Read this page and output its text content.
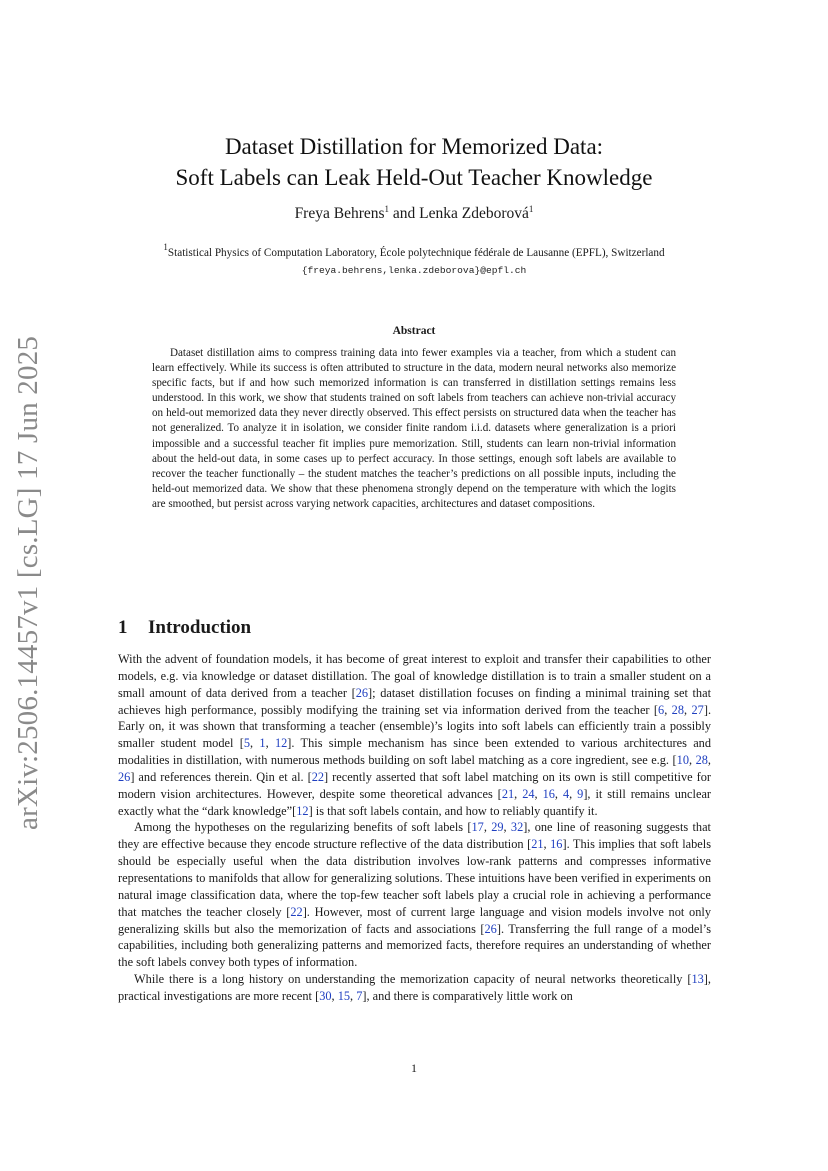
arXiv:2506.14457v1 [cs.LG] 17 Jun 2025
Dataset Distillation for Memorized Data:
Soft Labels can Leak Held-Out Teacher Knowledge
Freya Behrens$^1$ and Lenka Zdeborová$^1$
$^1$Statistical Physics of Computation Laboratory, École polytechnique fédérale de Lausanne (EPFL), Switzerland
{freya.behrens,lenka.zdeborova}@epfl.ch
Abstract
Dataset distillation aims to compress training data into fewer examples via a teacher, from which a student can learn effectively. While its success is often attributed to structure in the data, modern neural networks also memorize specific facts, but if and how such memorized information is can transferred in distillation settings remains less understood. In this work, we show that students trained on soft labels from teachers can achieve non-trivial accuracy on held-out memorized data they never directly observed. This effect persists on structured data when the teacher has not generalized. To analyze it in isolation, we consider finite random i.i.d. datasets where generalization is a priori impossible and a successful teacher fit implies pure memorization. Still, students can learn non-trivial information about the held-out data, in some cases up to perfect accuracy. In those settings, enough soft labels are available to recover the teacher functionally – the student matches the teacher’s predictions on all possible inputs, including the held-out memorized data. We show that these phenomena strongly depend on the temperature with which the logits are smoothed, but persist across varying network capacities, architectures and dataset compositions.
1 Introduction

With the advent of foundation models, it has become of great interest to exploit and transfer their capabilities to other models, e.g. via knowledge or dataset distillation. The goal of knowledge distillation is to train a smaller student on a small amount of data derived from a teacher [26]; dataset distillation focuses on finding a minimal training set that achieves high performance, possibly modifying the training set via information derived from the teacher [6, 28, 27]. Early on, it was shown that transforming a teacher (ensemble)’s logits into soft labels can efficiently train a possibly smaller student model [5, 1, 12]. This simple mechanism has since been extended to various architectures and modalities in distillation, with numerous methods building on soft label matching as a core ingredient, see e.g. [10, 28, 26] and references therein. Qin et al. [22] recently asserted that soft label matching on its own is still competitive for modern vision architectures. However, despite some theoretical advances [21, 24, 16, 4, 9], it still remains unclear exactly what the “dark knowledge”[12] is that soft labels contain, and how to reliably quantify it.

Among the hypotheses on the regularizing benefits of soft labels [17, 29, 32], one line of reasoning suggests that they are effective because they encode structure reflective of the data distribution [21, 16]. This implies that soft labels should be especially useful when the data distribution involves low-rank patterns and compresses informative representations to manifolds that allow for generalizing solutions. These intuitions have been verified in experiments on natural image classification data, where the top-few teacher soft labels play a crucial role in achieving a performance that matches the teacher closely [22]. However, most of current large language and vision models involve not only generalizing skills but also the memorization of facts and associations [26]. Transferring the full range of a model’s capabilities, including both generalizing patterns and memorized facts, therefore requires an understanding of whether the soft labels convey both types of information.

While there is a long history on understanding the memorization capacity of neural networks theoretically [13], practical investigations are more recent [30, 15, 7], and there is comparatively little work on

1
